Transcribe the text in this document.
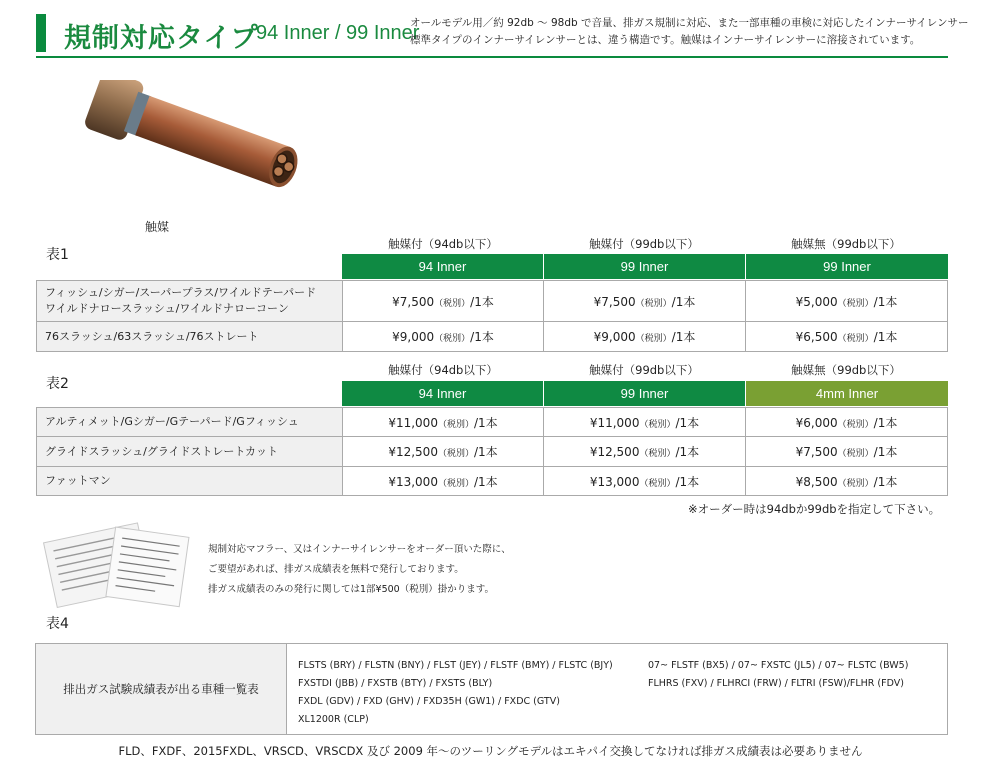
規制対応タイプ
94 Inner / 99 Inner
オールモデル用／約 92db ～ 98db で音量、排ガス規制に対応、また一部車種の車検に対応したインナーサイレンサー
標準タイプのインナーサイレンサーとは、違う構造です。触媒はインナーサイレンサーに溶接されています。
触媒
表1
触媒付（94db以下）	触媒付（99db以下）	触媒無（99db以下）
94 Inner	99 Inner	99 Inner
フィッシュ/シガー/スーパープラス/ワイルドテーパード
ワイルドナロースラッシュ/ワイルドナローコーン	¥7,500（税別）/1本	¥7,500（税別）/1本	¥5,000（税別）/1本
76スラッシュ/63スラッシュ/76ストレート	¥9,000（税別）/1本	¥9,000（税別）/1本	¥6,500（税別）/1本
表2
触媒付（94db以下）	触媒付（99db以下）	触媒無（99db以下）
94 Inner	99 Inner	4mm Inner
アルティメット/Gシガー/Gテーパード/Gフィッシュ	¥11,000（税別）/1本	¥11,000（税別）/1本	¥6,000（税別）/1本
グライドスラッシュ/グライドストレートカット	¥12,500（税別）/1本	¥12,500（税別）/1本	¥7,500（税別）/1本
ファットマン	¥13,000（税別）/1本	¥13,000（税別）/1本	¥8,500（税別）/1本
※オーダー時は94dbか99dbを指定して下さい。
規制対応マフラー、又はインナーサイレンサーをオーダー頂いた際に、
ご要望があれば、排ガス成績表を無料で発行しております。
排ガス成績表のみの発行に関しては1部¥500（税別）掛かります。
表4
排出ガス試験成績表が出る車種一覧表
FLSTS (BRY) / FLSTN (BNY) / FLST (JEY) / FLSTF (BMY) / FLSTC (BJY)
FXSTDI (JBB) / FXSTB (BTY) / FXSTS (BLY)
FXDL (GDV) / FXD (GHV) / FXD35H (GW1) / FXDC (GTV)
XL1200R (CLP)
07~ FLSTF (BX5) / 07~ FXSTC (JL5) / 07~ FLSTC (BW5)
FLHRS (FXV) / FLHRCI (FRW) / FLTRI (FSW)/FLHR (FDV)
FLD、FXDF、2015FXDL、VRSCD、VRSCDX 及び 2009 年～のツーリングモデルはエキパイ交換してなければ排ガス成績表は必要ありません
